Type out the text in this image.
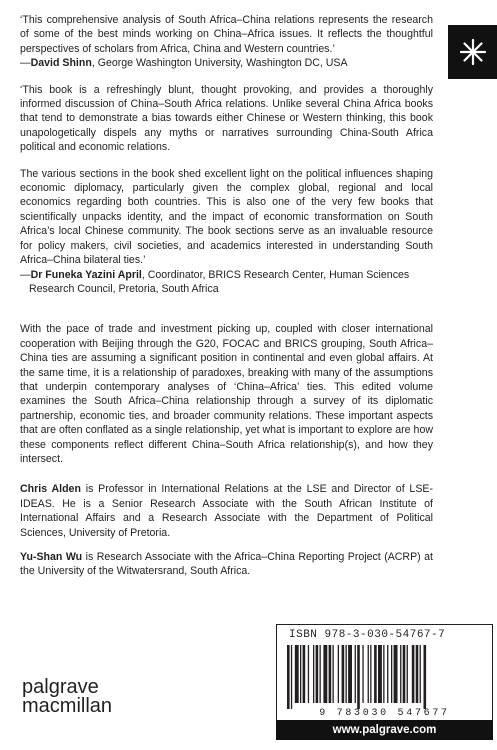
‘This comprehensive analysis of South Africa–China relations represents the research of some of the best minds working on China–Africa issues. It reflects the thoughtful perspectives of scholars from Africa, China and Western countries.’
—David Shinn, George Washington University, Washington DC, USA

‘This book is a refreshingly blunt, thought provoking, and provides a thoroughly informed discussion of China–South Africa relations. Unlike several China Africa books that tend to demonstrate a bias towards either Chinese or Western thinking, this book unapologetically dispels any myths or narratives surrounding China-South Africa political and economic relations.

The various sections in the book shed excellent light on the political influences shaping economic diplomacy, particularly given the complex global, regional and local economics regarding both countries. This is also one of the very few books that scientifically unpacks identity, and the impact of economic transformation on South Africa’s local Chinese community. The book sections serve as an invaluable resource for policy makers, civil societies, and academics interested in understanding South Africa–China bilateral ties.’

—Dr Funeka Yazini April, Coordinator, BRICS Research Center, Human Sciences Research Council, Pretoria, South Africa

With the pace of trade and investment picking up, coupled with closer international cooperation with Beijing through the G20, FOCAC and BRICS grouping, South Africa–China ties are assuming a significant position in continental and even global affairs. At the same time, it is a relationship of paradoxes, breaking with many of the assumptions that underpin contemporary analyses of ‘China–Africa’ ties. This edited volume examines the South Africa–China relationship through a survey of its diplomatic partnership, economic ties, and broader community relations. These important aspects that are often conflated as a single relationship, yet what is important to explore are how these components reflect different China–South Africa relationship(s), and how they intersect.

Chris Alden is Professor in International Relations at the LSE and Director of LSE-IDEAS. He is a Senior Research Associate with the South African Institute of International Affairs and a Research Associate with the Department of Political Sciences, University of Pretoria.

Yu-Shan Wu is Research Associate with the Africa–China Reporting Project (ACRP) at the University of the Witwatersrand, South Africa.

ISBN 978-3-030-54767-7
9 783030 547677
www.palgrave.com
palgrave
macmillan
